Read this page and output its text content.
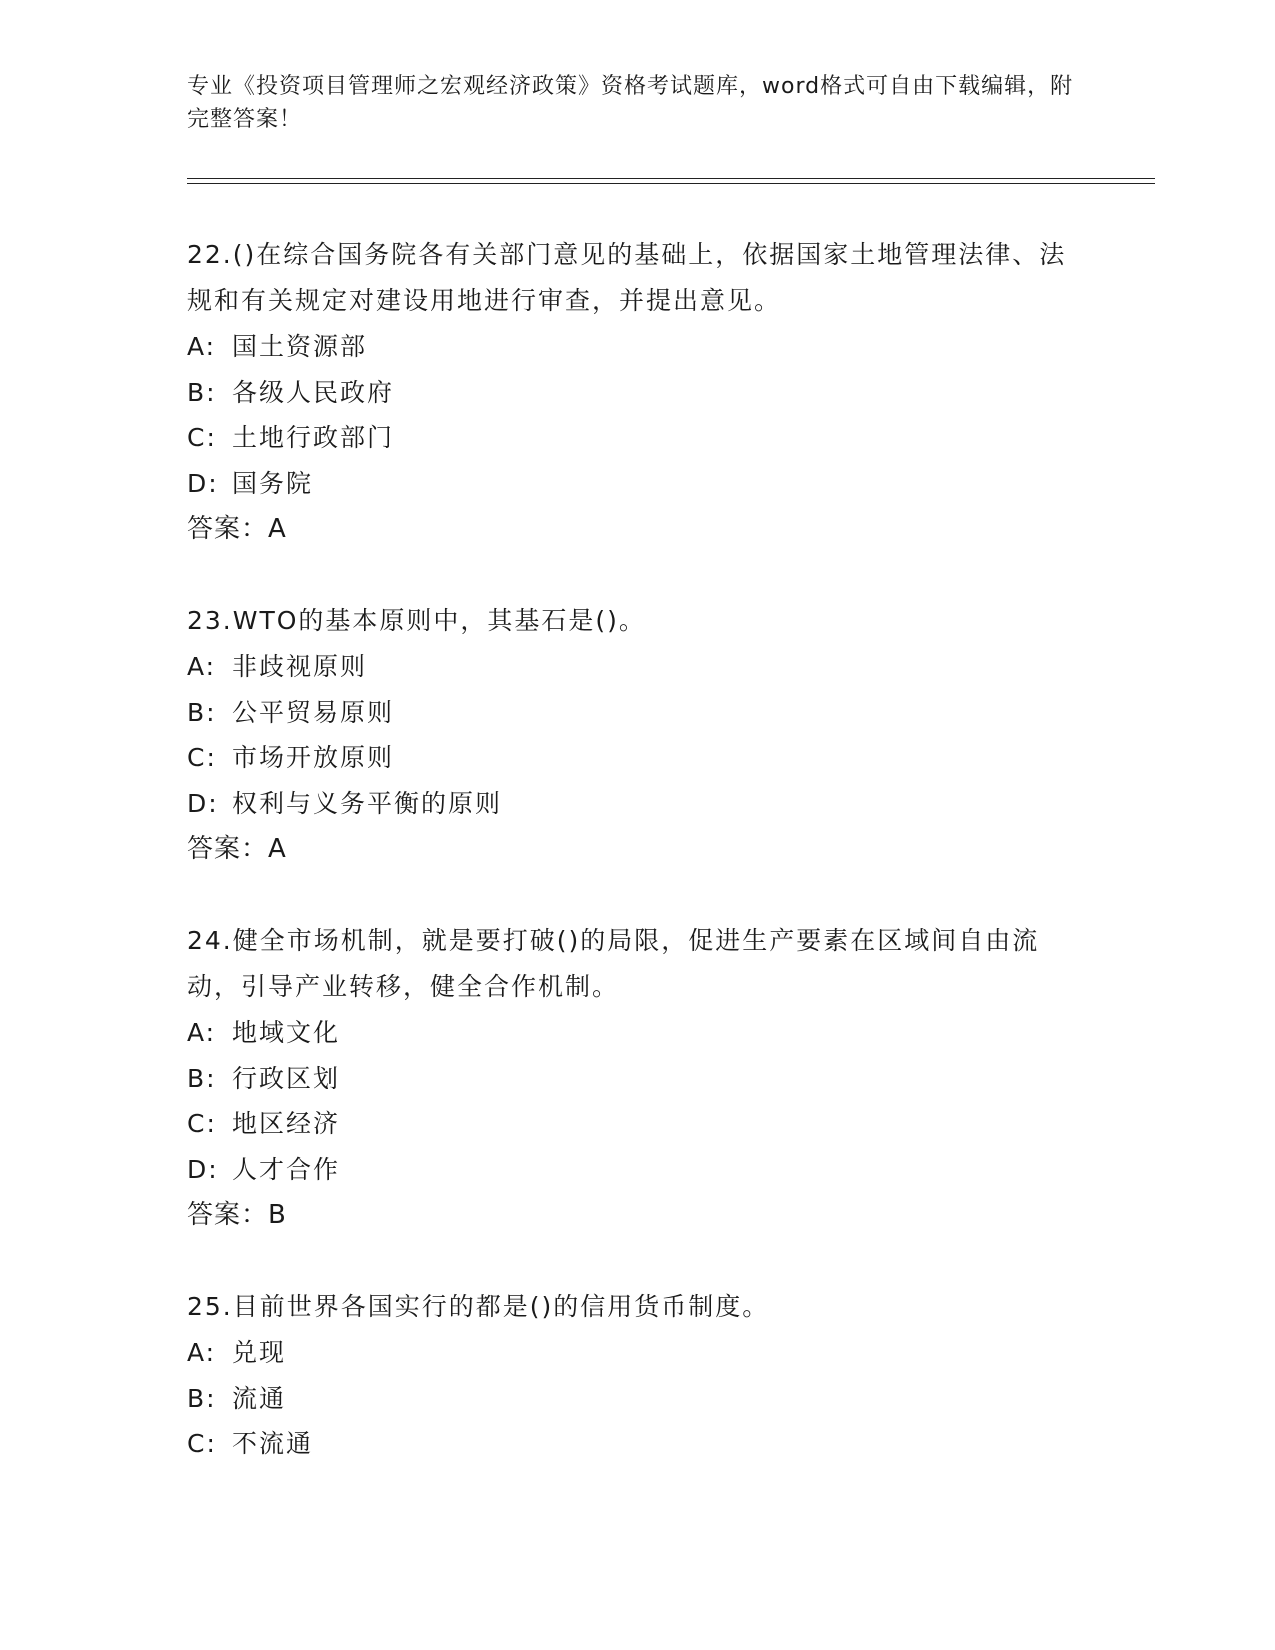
专业《投资项目管理师之宏观经济政策》资格考试题库，word格式可自由下载编辑，附完整答案！

22.()在综合国务院各有关部门意见的基础上，依据国家土地管理法律、法规和有关规定对建设用地进行审查，并提出意见。

A: 国土资源部

B: 各级人民政府

C: 土地行政部门

D: 国务院

答案：A

23.WTO的基本原则中，其基石是()。

A: 非歧视原则

B: 公平贸易原则

C: 市场开放原则

D: 权利与义务平衡的原则

答案：A

24.健全市场机制，就是要打破()的局限，促进生产要素在区域间自由流动，引导产业转移，健全合作机制。

A: 地域文化

B: 行政区划

C: 地区经济

D: 人才合作

答案：B

25.目前世界各国实行的都是()的信用货币制度。

A: 兑现

B: 流通

C: 不流通
